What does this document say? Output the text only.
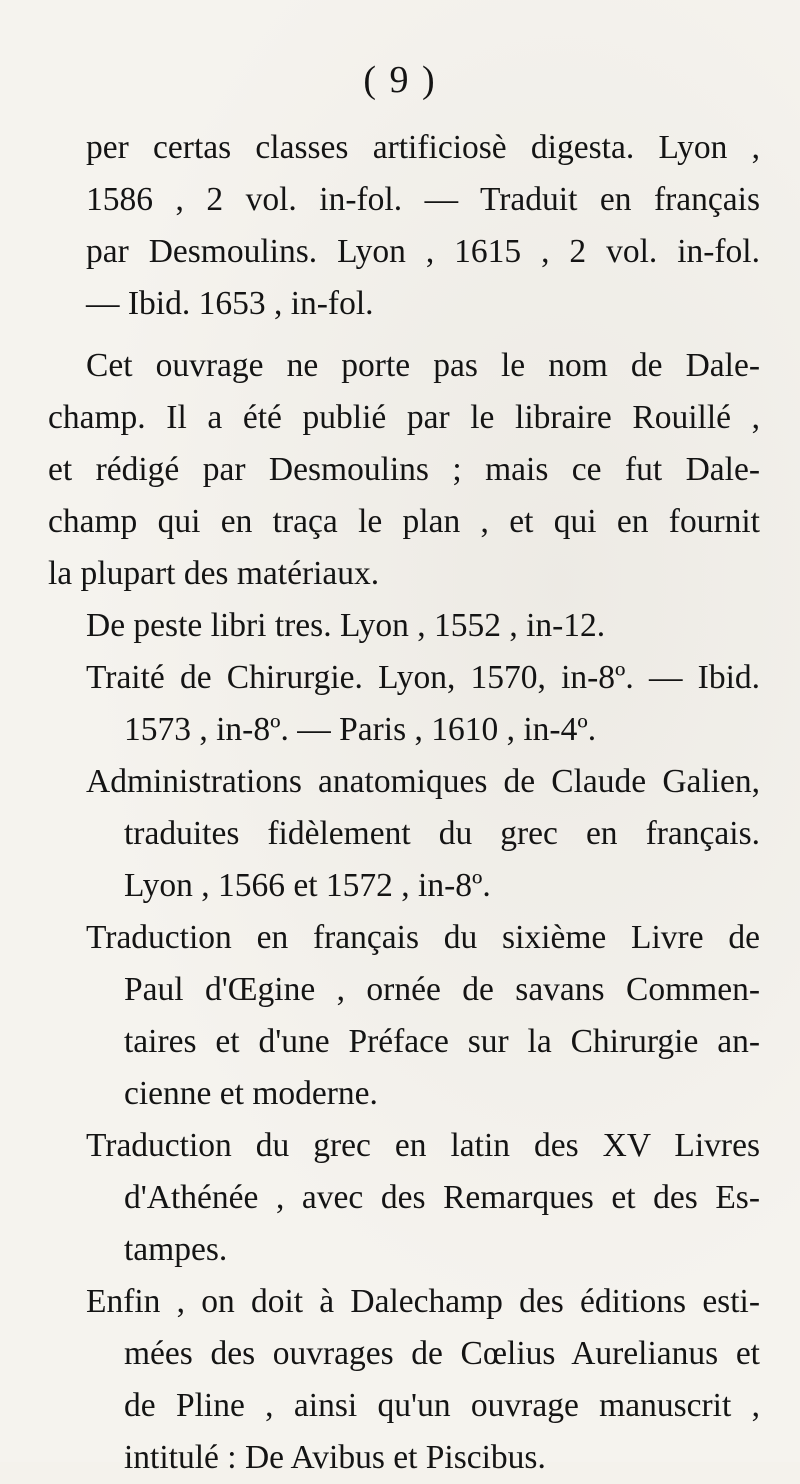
( 9 )
per certas classes artificiosè digesta. Lyon ,
1586 , 2 vol. in-fol. — Traduit en français
par Desmoulins. Lyon , 1615 , 2 vol. in-fol.
— Ibid. 1653 , in-fol.
Cet ouvrage ne porte pas le nom de Dale-
champ. Il a été publié par le libraire Rouillé ,
et rédigé par Desmoulins ; mais ce fut Dale-
champ qui en traça le plan , et qui en fournit
la plupart des matériaux.
De peste libri tres. Lyon , 1552 , in-12.
Traité de Chirurgie. Lyon, 1570, in-8º. — Ibid.
1573 , in-8º. — Paris , 1610 , in-4º.
Administrations anatomiques de Claude Galien,
traduites fidèlement du grec en français.
Lyon , 1566 et 1572 , in-8º.
Traduction en français du sixième Livre de
Paul d'Œgine , ornée de savans Commen-
taires et d'une Préface sur la Chirurgie an-
cienne et moderne.
Traduction du grec en latin des XV Livres
d'Athénée , avec des Remarques et des Es-
tampes.
Enfin , on doit à Dalechamp des éditions esti-
mées des ouvrages de Cœlius Aurelianus et
de Pline , ainsi qu'un ouvrage manuscrit ,
intitulé : De Avibus et Piscibus.
